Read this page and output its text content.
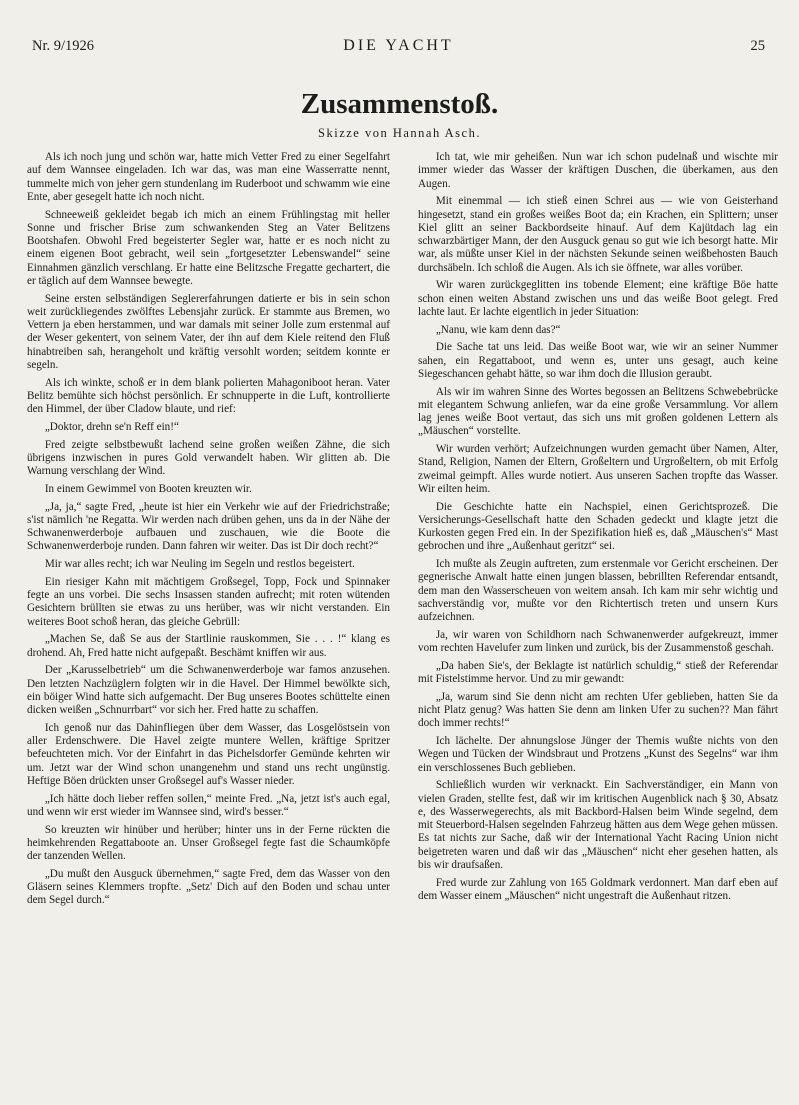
Nr. 9/1926	DIE YACHT	25
Zusammenstoß.
Skizze von Hannah Asch.

Als ich noch jung und schön war, hatte mich Vetter Fred zu einer Segelfahrt auf dem Wannsee eingeladen. Ich war das, was man eine Wasserratte nennt, tummelte mich von jeher gern stundenlang im Ruderboot und schwamm wie eine Ente, aber gesegelt hatte ich noch nicht.

Schneeweiß gekleidet begab ich mich an einem Frühlingstag mit heller Sonne und frischer Brise zum schwankenden Steg an Vater Belitzens Bootshafen. Obwohl Fred begeisterter Segler war, hatte er es noch nicht zu einem eigenen Boot gebracht, weil sein „fortgesetzter Lebenswandel“ seine Einnahmen gänzlich verschlang. Er hatte eine Belitzsche Fregatte gechartert, die er täglich auf dem Wannsee bewegte.

Seine ersten selbständigen Seglererfahrungen datierte er bis in sein schon weit zurückliegendes zwölftes Lebensjahr zurück. Er stammte aus Bremen, wo Vettern ja eben herstammen, und war damals mit seiner Jolle zum erstenmal auf der Weser gekentert, von seinem Vater, der ihn auf dem Kiele reitend den Fluß hinabtreiben sah, herangeholt und kräftig versohlt worden; seitdem konnte er segeln.

Als ich winkte, schoß er in dem blank polierten Mahagoniboot heran. Vater Belitz bemühte sich höchst persönlich. Er schnupperte in die Luft, kontrollierte den Himmel, der über Cladow blaute, und rief:

„Doktor, drehn se'n Reff ein!“

Fred zeigte selbstbewußt lachend seine großen weißen Zähne, die sich übrigens inzwischen in pures Gold verwandelt haben. Wir glitten ab. Die Warnung verschlang der Wind.

In einem Gewimmel von Booten kreuzten wir.

„Ja, ja,“ sagte Fred, „heute ist hier ein Verkehr wie auf der Friedrichstraße; s'ist nämlich 'ne Regatta. Wir werden nach drüben gehen, uns da in der Nähe der Schwanenwerderboje aufbauen und zuschauen, wie die Boote die Schwanenwerderboje runden. Dann fahren wir weiter. Das ist Dir doch recht?“

Mir war alles recht; ich war Neuling im Segeln und restlos begeistert.

Ein riesiger Kahn mit mächtigem Großsegel, Topp, Fock und Spinnaker fegte an uns vorbei. Die sechs Insassen standen aufrecht; mit roten wütenden Gesichtern brüllten sie etwas zu uns herüber, was wir nicht verstanden. Ein weiteres Boot schoß heran, das gleiche Gebrüll:

„Machen Se, daß Se aus der Startlinie rauskommen, Sie . . . !“ klang es drohend. Ah, Fred hatte nicht aufgepaßt. Beschämt kniffen wir aus.

Der „Karusselbetrieb“ um die Schwanenwerderboje war famos anzusehen. Den letzten Nachzüglern folgten wir in die Havel. Der Himmel bewölkte sich, ein böiger Wind hatte sich aufgemacht. Der Bug unseres Bootes schüttelte einen dicken weißen „Schnurrbart“ vor sich her. Fred hatte zu schaffen.

Ich genoß nur das Dahinfliegen über dem Wasser, das Losgelöstsein von aller Erdenschwere. Die Havel zeigte muntere Wellen, kräftige Spritzer befeuchteten mich. Vor der Einfahrt in das Pichelsdorfer Gemünde kehrten wir um. Jetzt war der Wind schon unangenehm und stand uns recht ungünstig. Heftige Böen drückten unser Großsegel auf's Wasser nieder.

„Ich hätte doch lieber reffen sollen,“ meinte Fred. „Na, jetzt ist's auch egal, und wenn wir erst wieder im Wannsee sind, wird's besser.“

So kreuzten wir hinüber und herüber; hinter uns in der Ferne rückten die heimkehrenden Regattaboote an. Unser Großsegel fegte fast die Schaumköpfe der tanzenden Wellen.

„Du mußt den Ausguck übernehmen,“ sagte Fred, dem das Wasser von den Gläsern seines Klemmers tropfte. „Setz' Dich auf den Boden und schau unter dem Segel durch.“

Ich tat, wie mir geheißen. Nun war ich schon pudelnaß und wischte mir immer wieder das Wasser der kräftigen Duschen, die überkamen, aus den Augen.

Mit einemmal — ich stieß einen Schrei aus — wie von Geisterhand hingesetzt, stand ein großes weißes Boot da; ein Krachen, ein Splittern; unser Kiel glitt an seiner Backbordseite hinauf. Auf dem Kajütdach lag ein schwarzbärtiger Mann, der den Ausguck genau so gut wie ich besorgt hatte. Mir war, als müßte unser Kiel in der nächsten Sekunde seinen weißbehosten Bauch durchsäbeln. Ich schloß die Augen. Als ich sie öffnete, war alles vorüber.

Wir waren zurückgeglitten ins tobende Element; eine kräftige Böe hatte schon einen weiten Abstand zwischen uns und das weiße Boot gelegt. Fred lachte laut. Er lachte eigentlich in jeder Situation:

„Nanu, wie kam denn das?“

Die Sache tat uns leid. Das weiße Boot war, wie wir an seiner Nummer sahen, ein Regattaboot, und wenn es, unter uns gesagt, auch keine Siegeschancen gehabt hätte, so war ihm doch die Illusion geraubt.

Als wir im wahren Sinne des Wortes begossen an Belitzens Schwebebrücke mit elegantem Schwung anliefen, war da eine große Versammlung. Vor allem lag jenes weiße Boot vertaut, das sich uns mit großen goldenen Lettern als „Mäuschen“ vorstellte.

Wir wurden verhört; Aufzeichnungen wurden gemacht über Namen, Alter, Stand, Religion, Namen der Eltern, Großeltern und Urgroßeltern, ob mit Erfolg zweimal geimpft. Alles wurde notiert. Aus unseren Sachen tropfte das Wasser. Wir eilten heim.

Die Geschichte hatte ein Nachspiel, einen Gerichtsprozeß. Die Versicherungs-Gesellschaft hatte den Schaden gedeckt und klagte jetzt die Kurkosten gegen Fred ein. In der Spezifikation hieß es, daß „Mäuschen's“ Mast gebrochen und ihre „Außenhaut geritzt“ sei.

Ich mußte als Zeugin auftreten, zum erstenmale vor Gericht erscheinen. Der gegnerische Anwalt hatte einen jungen blassen, bebrillten Referendar entsandt, dem man den Wasserscheuen von weitem ansah. Ich kam mir sehr wichtig und sachverständig vor, mußte vor den Richtertisch treten und unsern Kurs aufzeichnen.

Ja, wir waren von Schildhorn nach Schwanenwerder aufgekreuzt, immer vom rechten Havelufer zum linken und zurück, bis der Zusammenstoß geschah.

„Da haben Sie's, der Beklagte ist natürlich schuldig,“ stieß der Referendar mit Fistelstimme hervor. Und zu mir gewandt:

„Ja, warum sind Sie denn nicht am rechten Ufer geblieben, hatten Sie da nicht Platz genug? Was hatten Sie denn am linken Ufer zu suchen?? Man fährt doch immer rechts!“

Ich lächelte. Der ahnungslose Jünger der Themis wußte nichts von den Wegen und Tücken der Windsbraut und Protzens „Kunst des Segelns“ war ihm ein verschlossenes Buch geblieben.

Schließlich wurden wir verknackt. Ein Sachverständiger, ein Mann von vielen Graden, stellte fest, daß wir im kritischen Augenblick nach § 30, Absatz e, des Wasserwegerechts, als mit Backbord-Halsen beim Winde segelnd, dem mit Steuerbord-Halsen segelnden Fahrzeug hätten aus dem Wege gehen müssen. Es tat nichts zur Sache, daß wir der International Yacht Racing Union nicht beigetreten waren und daß wir das „Mäuschen“ nicht eher gesehen hatten, als bis wir draufsaßen.

Fred wurde zur Zahlung von 165 Goldmark verdonnert. Man darf eben auf dem Wasser einem „Mäuschen“ nicht ungestraft die Außenhaut ritzen.
